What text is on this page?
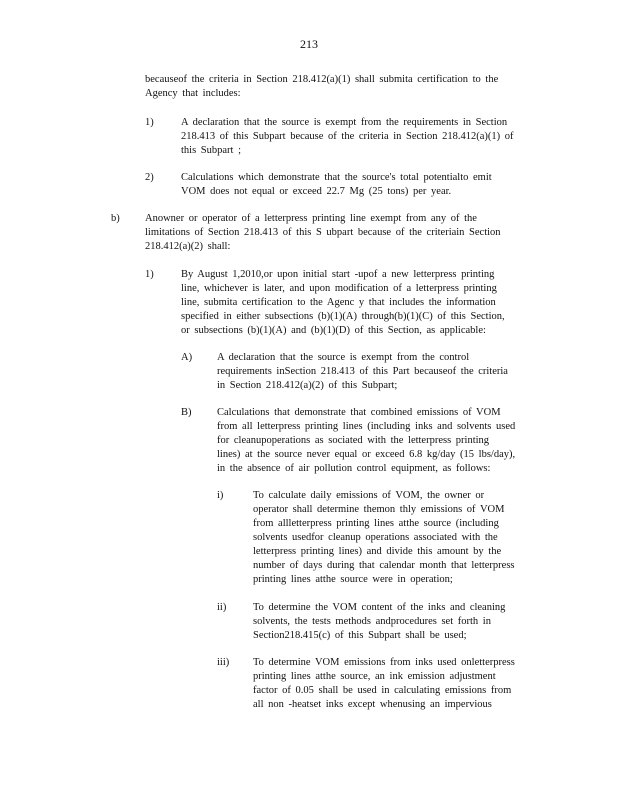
213
becauseof the criteria in Section 218.412(a)(1) shall submita certification to the
Agency that includes:
1)	A declaration that the source is exempt from the requirements in Section
218.413 of this Subpart because of the criteria in Section 218.412(a)(1) of
this Subpart ;
2)	Calculations which demonstrate that the source's total potentialto emit
VOM does not equal or exceed 22.7 Mg (25 tons) per year.
b) Anowner or operator of a letterpress printing line exempt from any of the
limitations of Section 218.413 of this S ubpart because of the criteriain Section
218.412(a)(2) shall:
1)	By August 1,2010,or upon initial start -upof a new letterpress printing
line, whichever is later, and upon modification of a letterpress printing
line, submita certification to the Agenc y that includes the information
specified in either subsections (b)(1)(A) through(b)(1)(C) of this Section,
or subsections (b)(1)(A) and (b)(1)(D) of this Section, as applicable:
A) A declaration that the source is exempt from the control
requirements inSection 218.413 of this Part becauseof the criteria
in Section 218.412(a)(2) of this Subpart;
B) Calculations that demonstrate that combined emissions of VOM
from all letterpress printing lines (including inks and solvents used
for cleanupoperations as sociated with the letterpress printing
lines) at the source never equal or exceed 6.8 kg/day (15 lbs/day),
in the absence of air pollution control equipment, as follows:
i)	To calculate daily emissions of VOM, the owner or
operator shall determine themon thly emissions of VOM
from allletterpress printing lines atthe source (including
solvents usedfor cleanup operations associated with the
letterpress printing lines) and divide this amount by the
number of days during that calendar month that letterpress
printing lines atthe source were in operation;
ii)	To determine the VOM content of the inks and cleaning
solvents, the tests methods andprocedures set forth in
Section218.415(c) of this Subpart shall be used;
iii) To determine VOM emissions from inks used onletterpress
printing lines atthe source, an ink emission adjustment
factor of 0.05 shall be used in calculating emissions from
all non -heatset inks except whenusing an impervious
